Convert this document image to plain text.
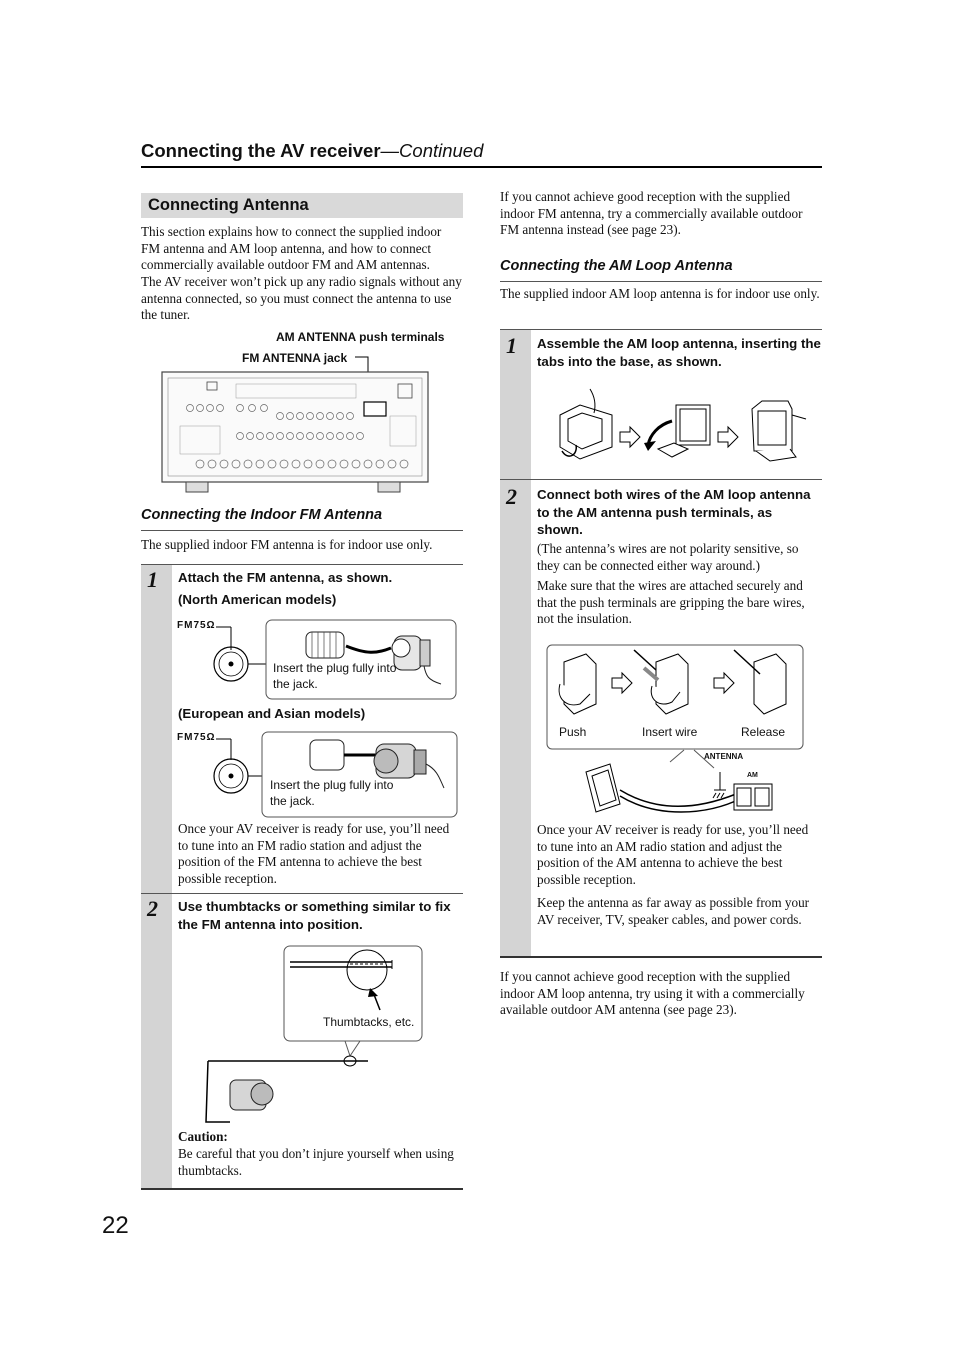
Connecting the AV receiver—Continued
Connecting Antenna
This section explains how to connect the supplied indoor FM antenna and AM loop antenna, and how to connect commercially available outdoor FM and AM antennas.
The AV receiver won’t pick up any radio signals without any antenna connected, so you must connect the antenna to use the tuner.
AM ANTENNA push terminals
FM ANTENNA jack
Connecting the Indoor FM Antenna
The supplied indoor FM antenna is for indoor use only.
1 Attach the FM antenna, as shown.
(North American models)
FM75Ω
Insert the plug fully into the jack.
(European and Asian models)
FM75Ω
Insert the plug fully into the jack.
Once your AV receiver is ready for use, you’ll need to tune into an FM radio station and adjust the position of the FM antenna to achieve the best possible reception.
2 Use thumbtacks or something similar to fix the FM antenna into position.
Thumbtacks, etc.
Caution:
Be careful that you don’t injure yourself when using thumbtacks.
If you cannot achieve good reception with the supplied indoor FM antenna, try a commercially available outdoor FM antenna instead (see page 23).
Connecting the AM Loop Antenna
The supplied indoor AM loop antenna is for indoor use only.
1 Assemble the AM loop antenna, inserting the tabs into the base, as shown.
2 Connect both wires of the AM loop antenna to the AM antenna push terminals, as shown.
(The antenna’s wires are not polarity sensitive, so they can be connected either way around.)
Make sure that the wires are attached securely and that the push terminals are gripping the bare wires, not the insulation.
Push	Insert wire	Release
ANTENNA
AM
Once your AV receiver is ready for use, you’ll need to tune into an AM radio station and adjust the position of the AM antenna to achieve the best possible reception.
Keep the antenna as far away as possible from your AV receiver, TV, speaker cables, and power cords.
If you cannot achieve good reception with the supplied indoor AM loop antenna, try using it with a commercially available outdoor AM antenna (see page 23).
22
